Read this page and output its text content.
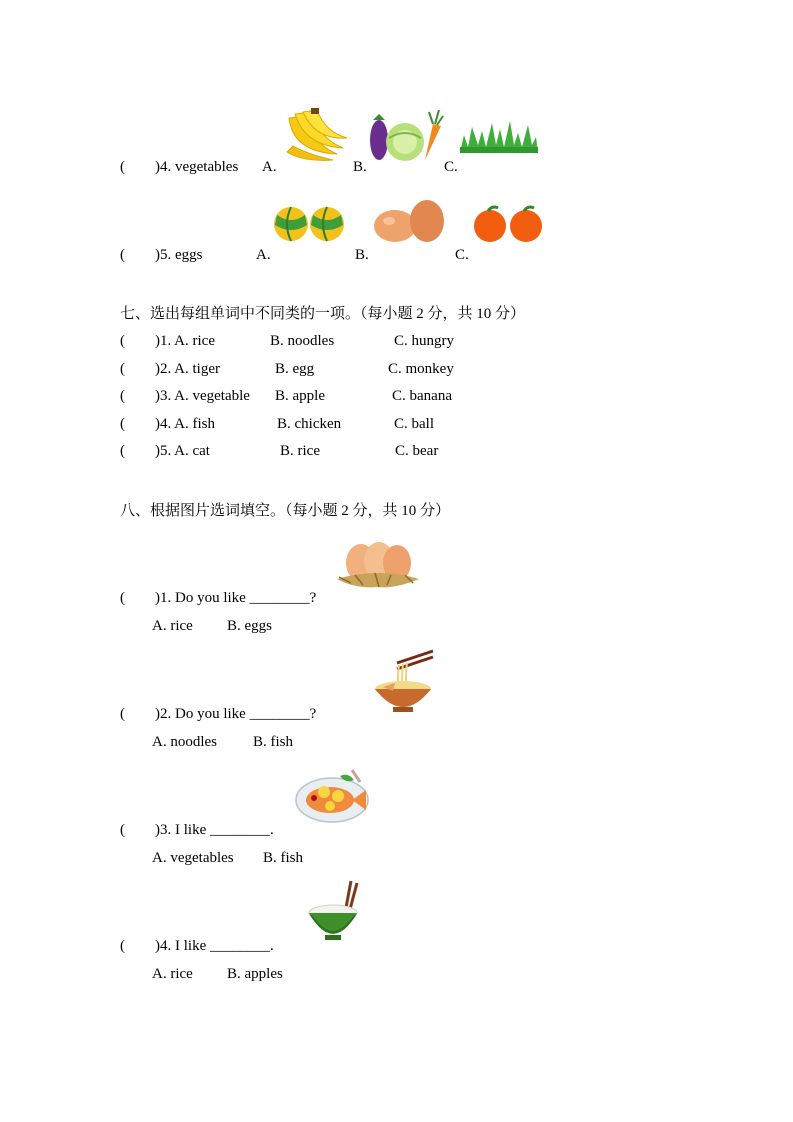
(        )4. vegetables A.	B.	C.
(        )5. eggs	A.	B.	C.
七、选出每组单词中不同类的一项。（每小题 2 分，共 10 分）
(        )1. A. rice	B. noodles	C. hungry
(        )2. A. tiger	B. egg	C. monkey
(        )3. A. vegetable B. apple	C. banana
(        )4. A. fish	B. chicken	C. ball
(        )5. A. cat	B. rice	C. bear
八、根据图片选词填空。（每小题 2 分，共 10 分）
(        )1. Do you like ________?
A. rice B. eggs
(        )2. Do you like ________?
A. noodles B. fish
(        )3. I like ________.
A. vegetables B. fish
(        )4. I like ________.
A. rice B. apples
